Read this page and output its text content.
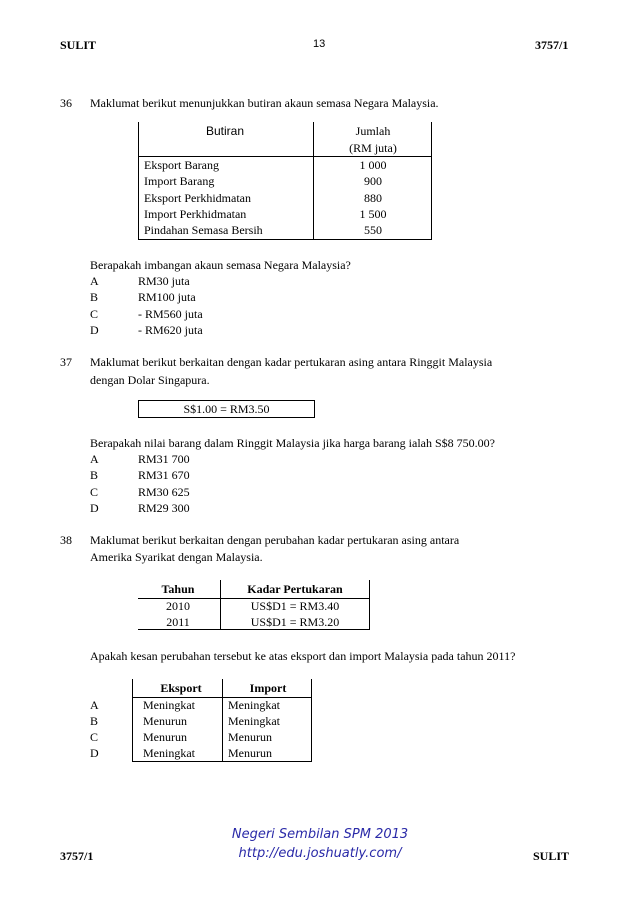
SULIT	13	3757/1
36 Maklumat berikut menunjukkan butiran akaun semasa Negara Malaysia.
Butiran	Jumlah
(RM juta)
Eksport Barang	1 000
Import Barang	900
Eksport Perkhidmatan	880
Import Perkhidmatan	1 500
Pindahan Semasa Bersih	550
Berapakah imbangan akaun semasa Negara Malaysia?
A	RM30 juta
B	RM100 juta
C	- RM560 juta
D	- RM620 juta
37 Maklumat berikut berkaitan dengan kadar pertukaran asing antara Ringgit Malaysia
dengan Dolar Singapura.
S$1.00 = RM3.50
Berapakah nilai barang dalam Ringgit Malaysia jika harga barang ialah S$8 750.00?
A	RM31 700
B	RM31 670
C	RM30 625
D	RM29 300
38 Maklumat berikut berkaitan dengan perubahan kadar pertukaran asing antara
Amerika Syarikat dengan Malaysia.
Tahun	Kadar Pertukaran
2010	US$D1 = RM3.40
2011	US$D1 = RM3.20
Apakah kesan perubahan tersebut ke atas eksport dan import Malaysia pada tahun 2011?
Eksport	Import
A	Meningkat	Meningkat
B	Menurun	Meningkat
C	Menurun	Menurun
D	Meningkat	Menurun
Negeri Sembilan SPM 2013
http://edu.joshuatly.com/
3757/1	SULIT
